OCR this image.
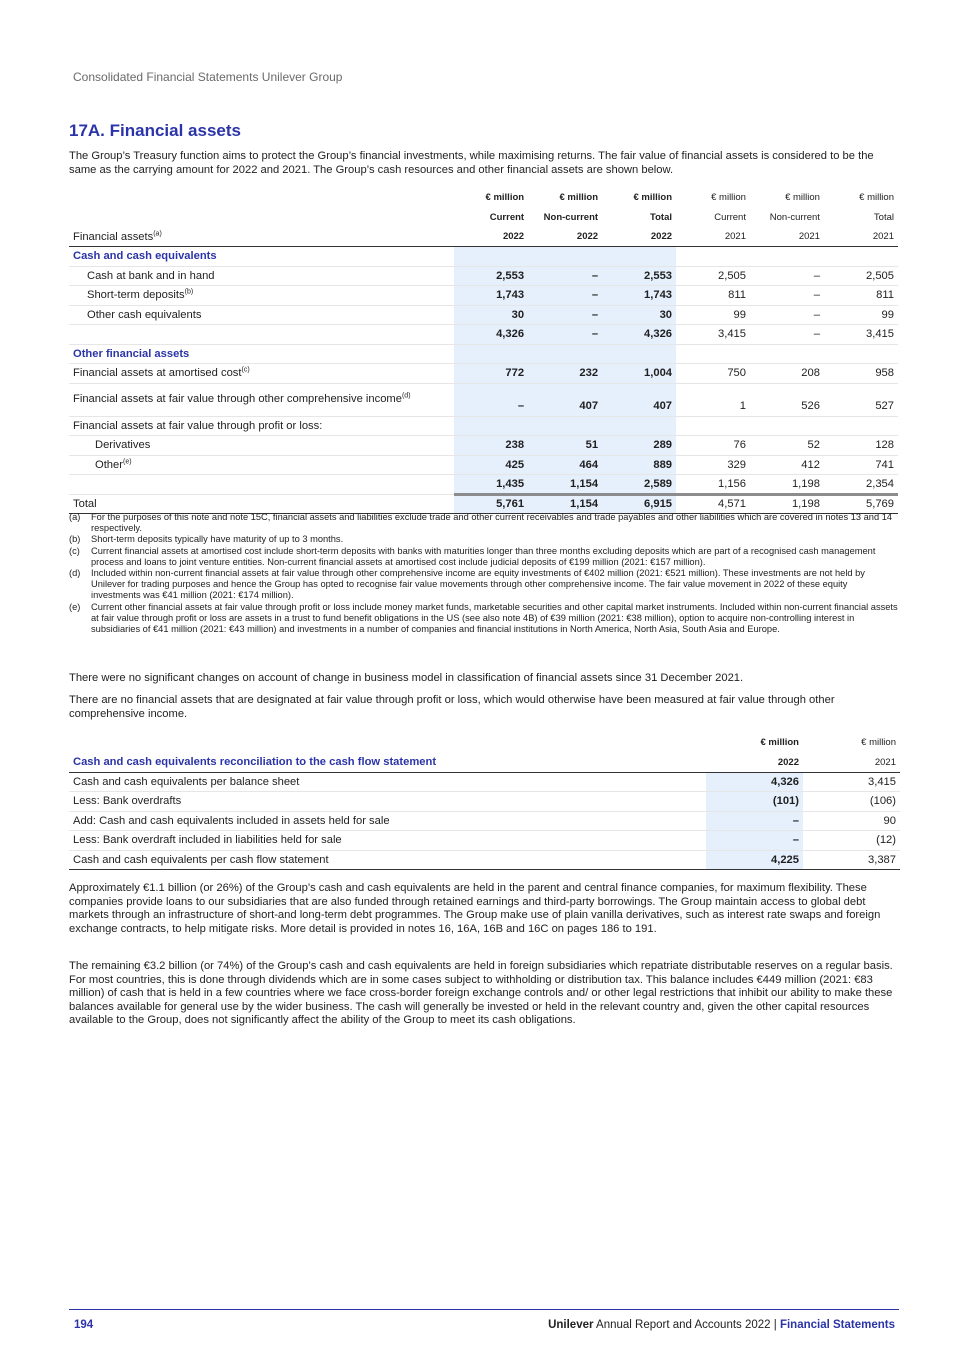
Consolidated Financial Statements Unilever Group
17A. Financial assets

The Group’s Treasury function aims to protect the Group’s financial investments, while maximising returns. The fair value of financial assets is considered to be the same as the carrying amount for 2022 and 2021. The Group’s cash resources and other financial assets are shown below.

	€ million	€ million	€ million	€ million	€ million	€ million
	Current	Non-current	Total	Current	Non-current	Total
Financial assets$^{(a)}$	2022	2022	2022	2021	2021	2021
Cash and cash equivalents						
Cash at bank and in hand	2,553	–	2,553	2,505	–	2,505
Short-term deposits$^{(b)}$	1,743	–	1,743	811	–	811
Other cash equivalents	30	–	30	99	–	99
	4,326	–	4,326	3,415	–	3,415
Other financial assets						
Financial assets at amortised cost$^{(c)}$	772	232	1,004	750	208	958
Financial assets at fair value through other comprehensive income$^{(d)}$	–	407	407	1	526	527
Financial assets at fair value through profit or loss:						
Derivatives	238	51	289	76	52	128
Other$^{(e)}$	425	464	889	329	412	741
	1,435	1,154	2,589	1,156	1,198	2,354
Total	5,761	1,154	6,915	4,571	1,198	5,769
(a)	For the purposes of this note and note 15C, financial assets and liabilities exclude trade and other current receivables and trade payables and other liabilities which are covered in notes 13 and 14 respectively.
(b)	Short-term deposits typically have maturity of up to 3 months.
(c)	Current financial assets at amortised cost include short-term deposits with banks with maturities longer than three months excluding deposits which are part of a recognised cash management process and loans to joint venture entities. Non-current financial assets at amortised cost include judicial deposits of €199 million (2021: €157 million).
(d)	Included within non-current financial assets at fair value through other comprehensive income are equity investments of €402 million (2021: €521 million). These investments are not held by Unilever for trading purposes and hence the Group has opted to recognise fair value movements through other comprehensive income. The fair value movement in 2022 of these equity investments was €41 million (2021: €174 million).
(e)	Current other financial assets at fair value through profit or loss include money market funds, marketable securities and other capital market instruments. Included within non-current financial assets at fair value through profit or loss are assets in a trust to fund benefit obligations in the US (see also note 4B) of €39 million (2021: €38 million), option to acquire non-controlling interest in subsidiaries of €41 million (2021: €43 million) and investments in a number of companies and financial institutions in North America, North Asia, South Asia and Europe.

There were no significant changes on account of change in business model in classification of financial assets since 31 December 2021.

There are no financial assets that are designated at fair value through profit or loss, which would otherwise have been measured at fair value through other comprehensive income.

	€ million	€ million
Cash and cash equivalents reconciliation to the cash flow statement	2022	2021
Cash and cash equivalents per balance sheet	4,326	3,415
Less: Bank overdrafts	(101)	(106)
Add: Cash and cash equivalents included in assets held for sale	–	90
Less: Bank overdraft included in liabilities held for sale	–	(12)
Cash and cash equivalents per cash flow statement	4,225	3,387

Approximately €1.1 billion (or 26%) of the Group’s cash and cash equivalents are held in the parent and central finance companies, for maximum flexibility. These companies provide loans to our subsidiaries that are also funded through retained earnings and third-party borrowings. The Group maintain access to global debt markets through an infrastructure of short-and long-term debt programmes. The Group make use of plain vanilla derivatives, such as interest rate swaps and foreign exchange contracts, to help mitigate risks. More detail is provided in notes 16, 16A, 16B and 16C on pages 186 to 191.

The remaining €3.2 billion (or 74%) of the Group’s cash and cash equivalents are held in foreign subsidiaries which repatriate distributable reserves on a regular basis. For most countries, this is done through dividends which are in some cases subject to withholding or distribution tax. This balance includes €449 million (2021: €83 million) of cash that is held in a few countries where we face cross-border foreign exchange controls and/ or other legal restrictions that inhibit our ability to make these balances available for general use by the wider business. The cash will generally be invested or held in the relevant country and, given the other capital resources available to the Group, does not significantly affect the ability of the Group to meet its cash obligations.

194	Unilever Annual Report and Accounts 2022 | Financial Statements
